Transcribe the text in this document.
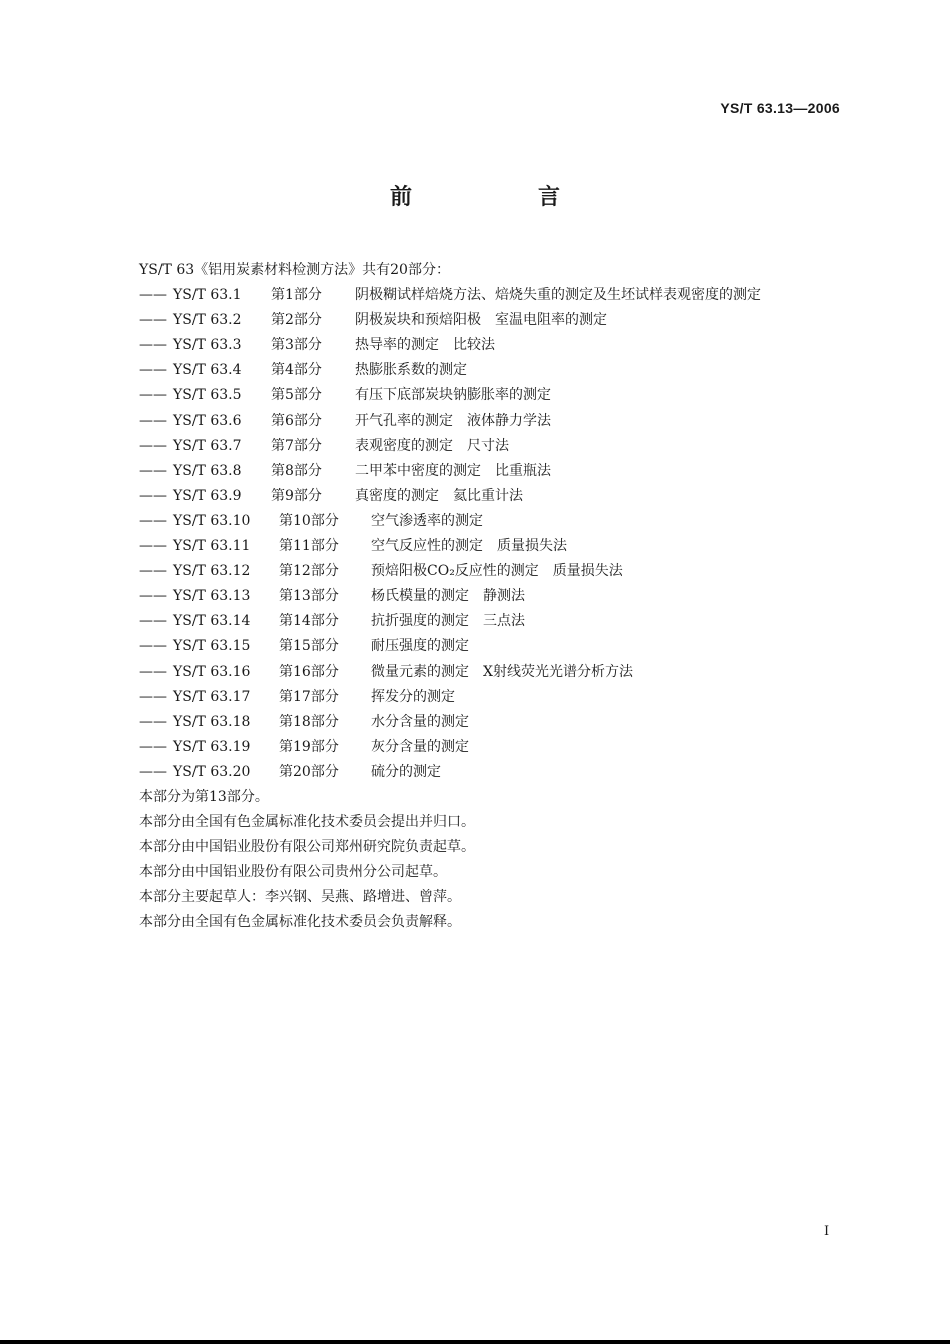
YS/T 63.13—2006
前　言
YS/T 63《铝用炭素材料检测方法》共有20部分：
—— YS/T 63.1 第1部分 阴极糊试样焙烧方法、焙烧失重的测定及生坯试样表观密度的测定
—— YS/T 63.2 第2部分 阴极炭块和预焙阳极　室温电阻率的测定
—— YS/T 63.3 第3部分 热导率的测定　比较法
—— YS/T 63.4 第4部分 热膨胀系数的测定
—— YS/T 63.5 第5部分 有压下底部炭块钠膨胀率的测定
—— YS/T 63.6 第6部分 开气孔率的测定　液体静力学法
—— YS/T 63.7 第7部分 表观密度的测定　尺寸法
—— YS/T 63.8 第8部分 二甲苯中密度的测定　比重瓶法
—— YS/T 63.9 第9部分 真密度的测定　氦比重计法
—— YS/T 63.10 第10部分 空气渗透率的测定
—— YS/T 63.11 第11部分 空气反应性的测定　质量损失法
—— YS/T 63.12 第12部分 预焙阳极CO₂反应性的测定　质量损失法
—— YS/T 63.13 第13部分 杨氏模量的测定　静测法
—— YS/T 63.14 第14部分 抗折强度的测定　三点法
—— YS/T 63.15 第15部分 耐压强度的测定
—— YS/T 63.16 第16部分 微量元素的测定　X射线荧光光谱分析方法
—— YS/T 63.17 第17部分 挥发分的测定
—— YS/T 63.18 第18部分 水分含量的测定
—— YS/T 63.19 第19部分 灰分含量的测定
—— YS/T 63.20 第20部分 硫分的测定
本部分为第13部分。
本部分由全国有色金属标准化技术委员会提出并归口。
本部分由中国铝业股份有限公司郑州研究院负责起草。
本部分由中国铝业股份有限公司贵州分公司起草。
本部分主要起草人：李兴钢、吴燕、路增进、曾萍。
本部分由全国有色金属标准化技术委员会负责解释。
I
